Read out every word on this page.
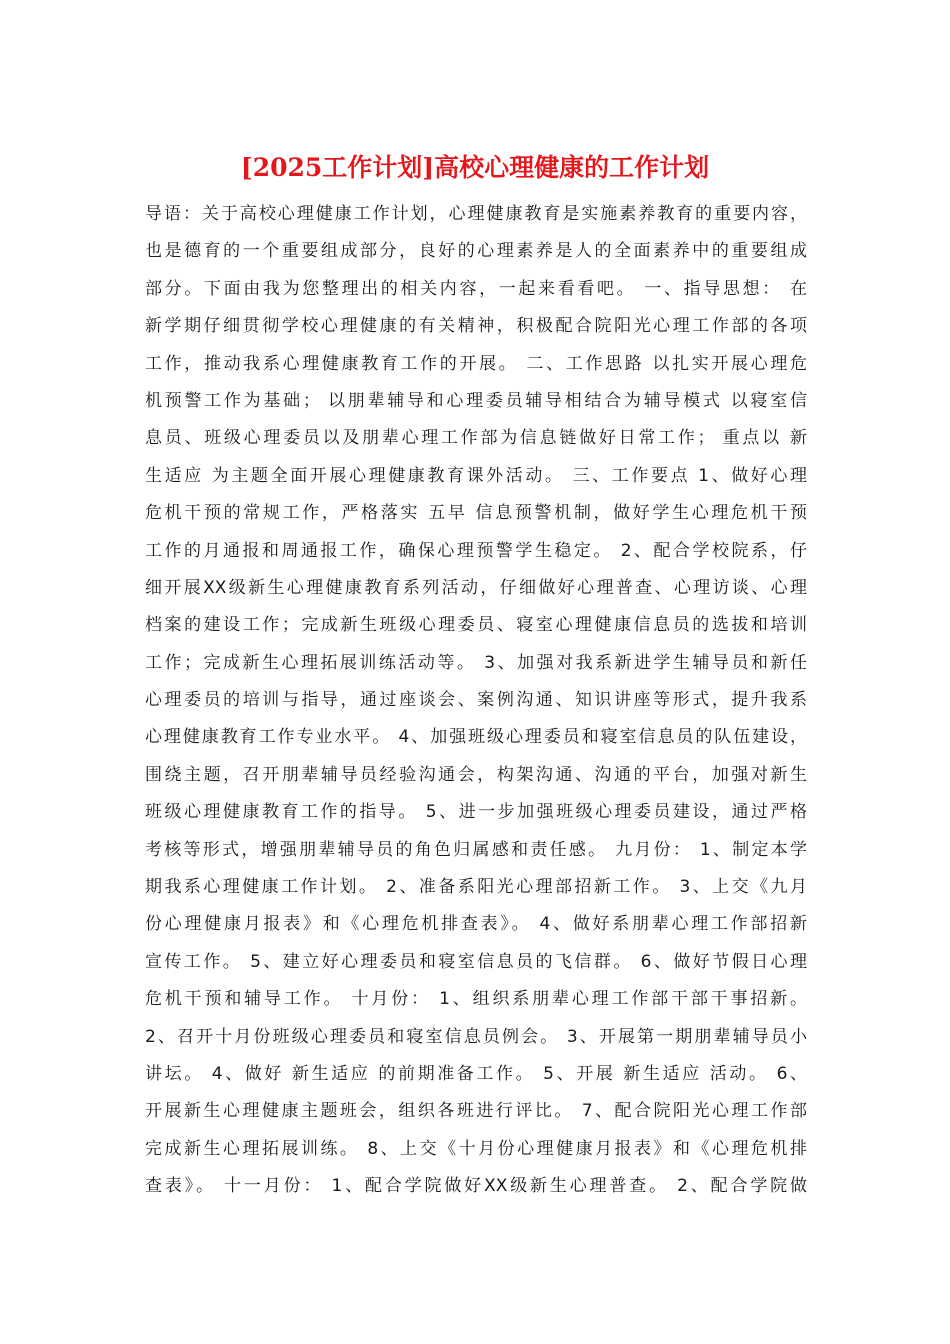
[2025工作计划]高校心理健康的工作计划
导语：关于高校心理健康工作计划，心理健康教育是实施素养教育的重要内容，
也是德育的一个重要组成部分，良好的心理素养是人的全面素养中的重要组成
部分。下面由我为您整理出的相关内容，一起来看看吧。 一、指导思想： 在
新学期仔细贯彻学校心理健康的有关精神，积极配合院阳光心理工作部的各项
工作，推动我系心理健康教育工作的开展。 二、工作思路 以扎实开展心理危
机预警工作为基础； 以朋辈辅导和心理委员辅导相结合为辅导模式 以寝室信
息员、班级心理委员以及朋辈心理工作部为信息链做好日常工作； 重点以 新
生适应 为主题全面开展心理健康教育课外活动。 三、工作要点 1、做好心理
危机干预的常规工作，严格落实 五早 信息预警机制，做好学生心理危机干预
工作的月通报和周通报工作，确保心理预警学生稳定。 2、配合学校院系，仔
细开展XX级新生心理健康教育系列活动，仔细做好心理普查、心理访谈、心理
档案的建设工作；完成新生班级心理委员、寝室心理健康信息员的选拔和培训
工作；完成新生心理拓展训练活动等。 3、加强对我系新进学生辅导员和新任
心理委员的培训与指导，通过座谈会、案例沟通、知识讲座等形式，提升我系
心理健康教育工作专业水平。 4、加强班级心理委员和寝室信息员的队伍建设，
围绕主题，召开朋辈辅导员经验沟通会，构架沟通、沟通的平台，加强对新生
班级心理健康教育工作的指导。 5、进一步加强班级心理委员建设，通过严格
考核等形式，增强朋辈辅导员的角色归属感和责任感。 九月份： 1、制定本学
期我系心理健康工作计划。 2、准备系阳光心理部招新工作。 3、上交《九月
份心理健康月报表》和《心理危机排查表》。 4、做好系朋辈心理工作部招新
宣传工作。 5、建立好心理委员和寝室信息员的飞信群。 6、做好节假日心理
危机干预和辅导工作。 十月份： 1、组织系朋辈心理工作部干部干事招新。
2、召开十月份班级心理委员和寝室信息员例会。 3、开展第一期朋辈辅导员小
讲坛。 4、做好 新生适应 的前期准备工作。 5、开展 新生适应 活动。 6、
开展新生心理健康主题班会，组织各班进行评比。 7、配合院阳光心理工作部
完成新生心理拓展训练。 8、上交《十月份心理健康月报表》和《心理危机排
查表》。 十一月份： 1、配合学院做好XX级新生心理普查。 2、配合学院做
